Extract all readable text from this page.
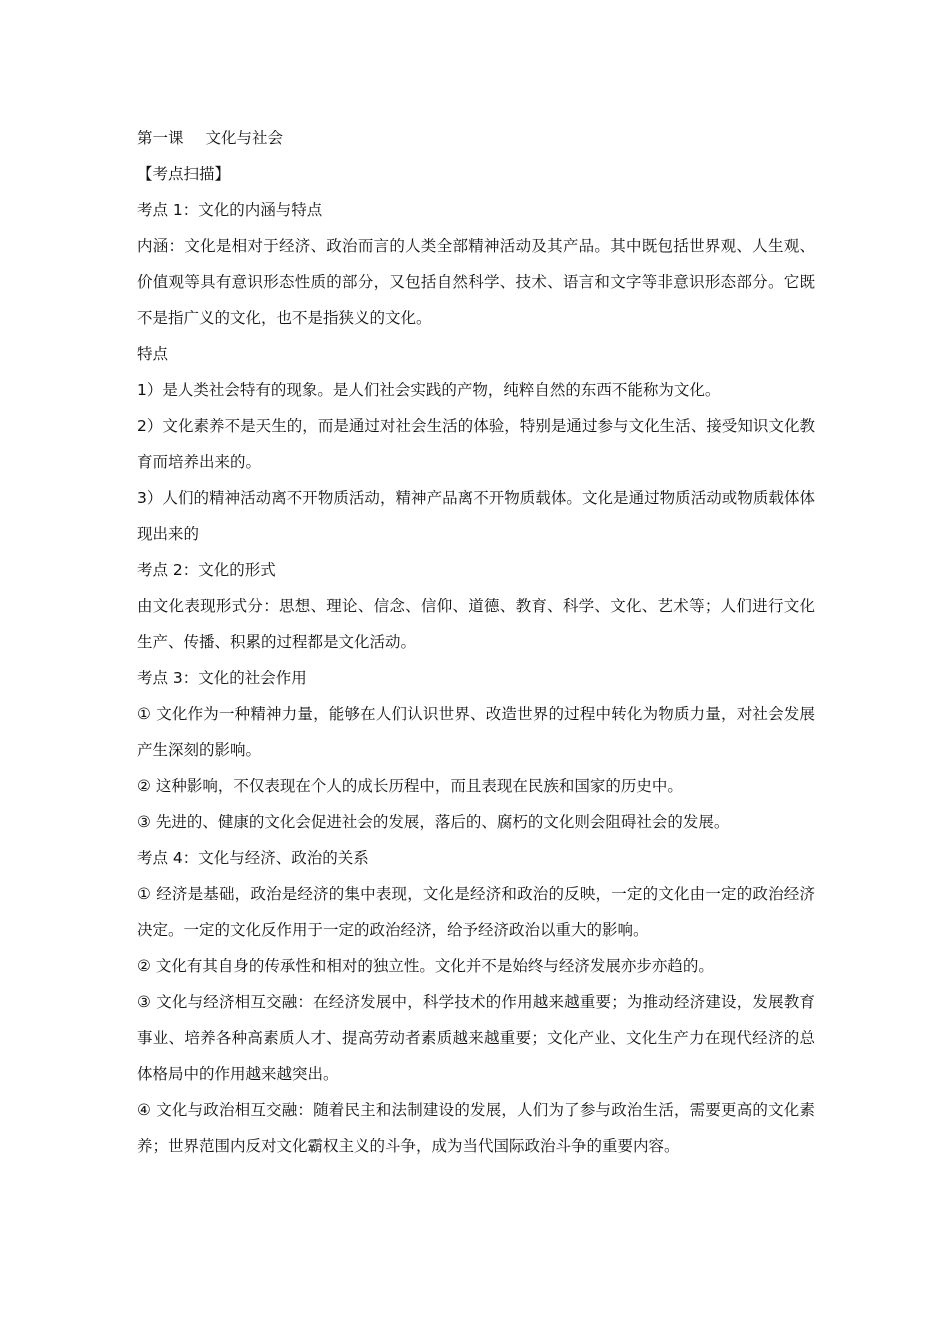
第一课 文化与社会

【考点扫描】

考点 1：文化的内涵与特点

内涵：文化是相对于经济、政治而言的人类全部精神活动及其产品。其中既包括世界观、人生观、价值观等具有意识形态性质的部分，又包括自然科学、技术、语言和文字等非意识形态部分。它既不是指广义的文化，也不是指狭义的文化。

特点

1）是人类社会特有的现象。是人们社会实践的产物，纯粹自然的东西不能称为文化。

2）文化素养不是天生的，而是通过对社会生活的体验，特别是通过参与文化生活、接受知识文化教育而培养出来的。

3）人们的精神活动离不开物质活动，精神产品离不开物质载体。文化是通过物质活动或物质载体体现出来的

考点 2：文化的形式

由文化表现形式分：思想、理论、信念、信仰、道德、教育、科学、文化、艺术等；人们进行文化生产、传播、积累的过程都是文化活动。

考点 3：文化的社会作用

① 文化作为一种精神力量，能够在人们认识世界、改造世界的过程中转化为物质力量，对社会发展产生深刻的影响。

② 这种影响，不仅表现在个人的成长历程中，而且表现在民族和国家的历史中。

③ 先进的、健康的文化会促进社会的发展，落后的、腐朽的文化则会阻碍社会的发展。

考点 4：文化与经济、政治的关系

① 经济是基础，政治是经济的集中表现，文化是经济和政治的反映，一定的文化由一定的政治经济决定。一定的文化反作用于一定的政治经济，给予经济政治以重大的影响。

② 文化有其自身的传承性和相对的独立性。文化并不是始终与经济发展亦步亦趋的。

③ 文化与经济相互交融：在经济发展中，科学技术的作用越来越重要；为推动经济建设，发展教育事业、培养各种高素质人才、提高劳动者素质越来越重要；文化产业、文化生产力在现代经济的总体格局中的作用越来越突出。

④ 文化与政治相互交融：随着民主和法制建设的发展，人们为了参与政治生活，需要更高的文化素养；世界范围内反对文化霸权主义的斗争，成为当代国际政治斗争的重要内容。
